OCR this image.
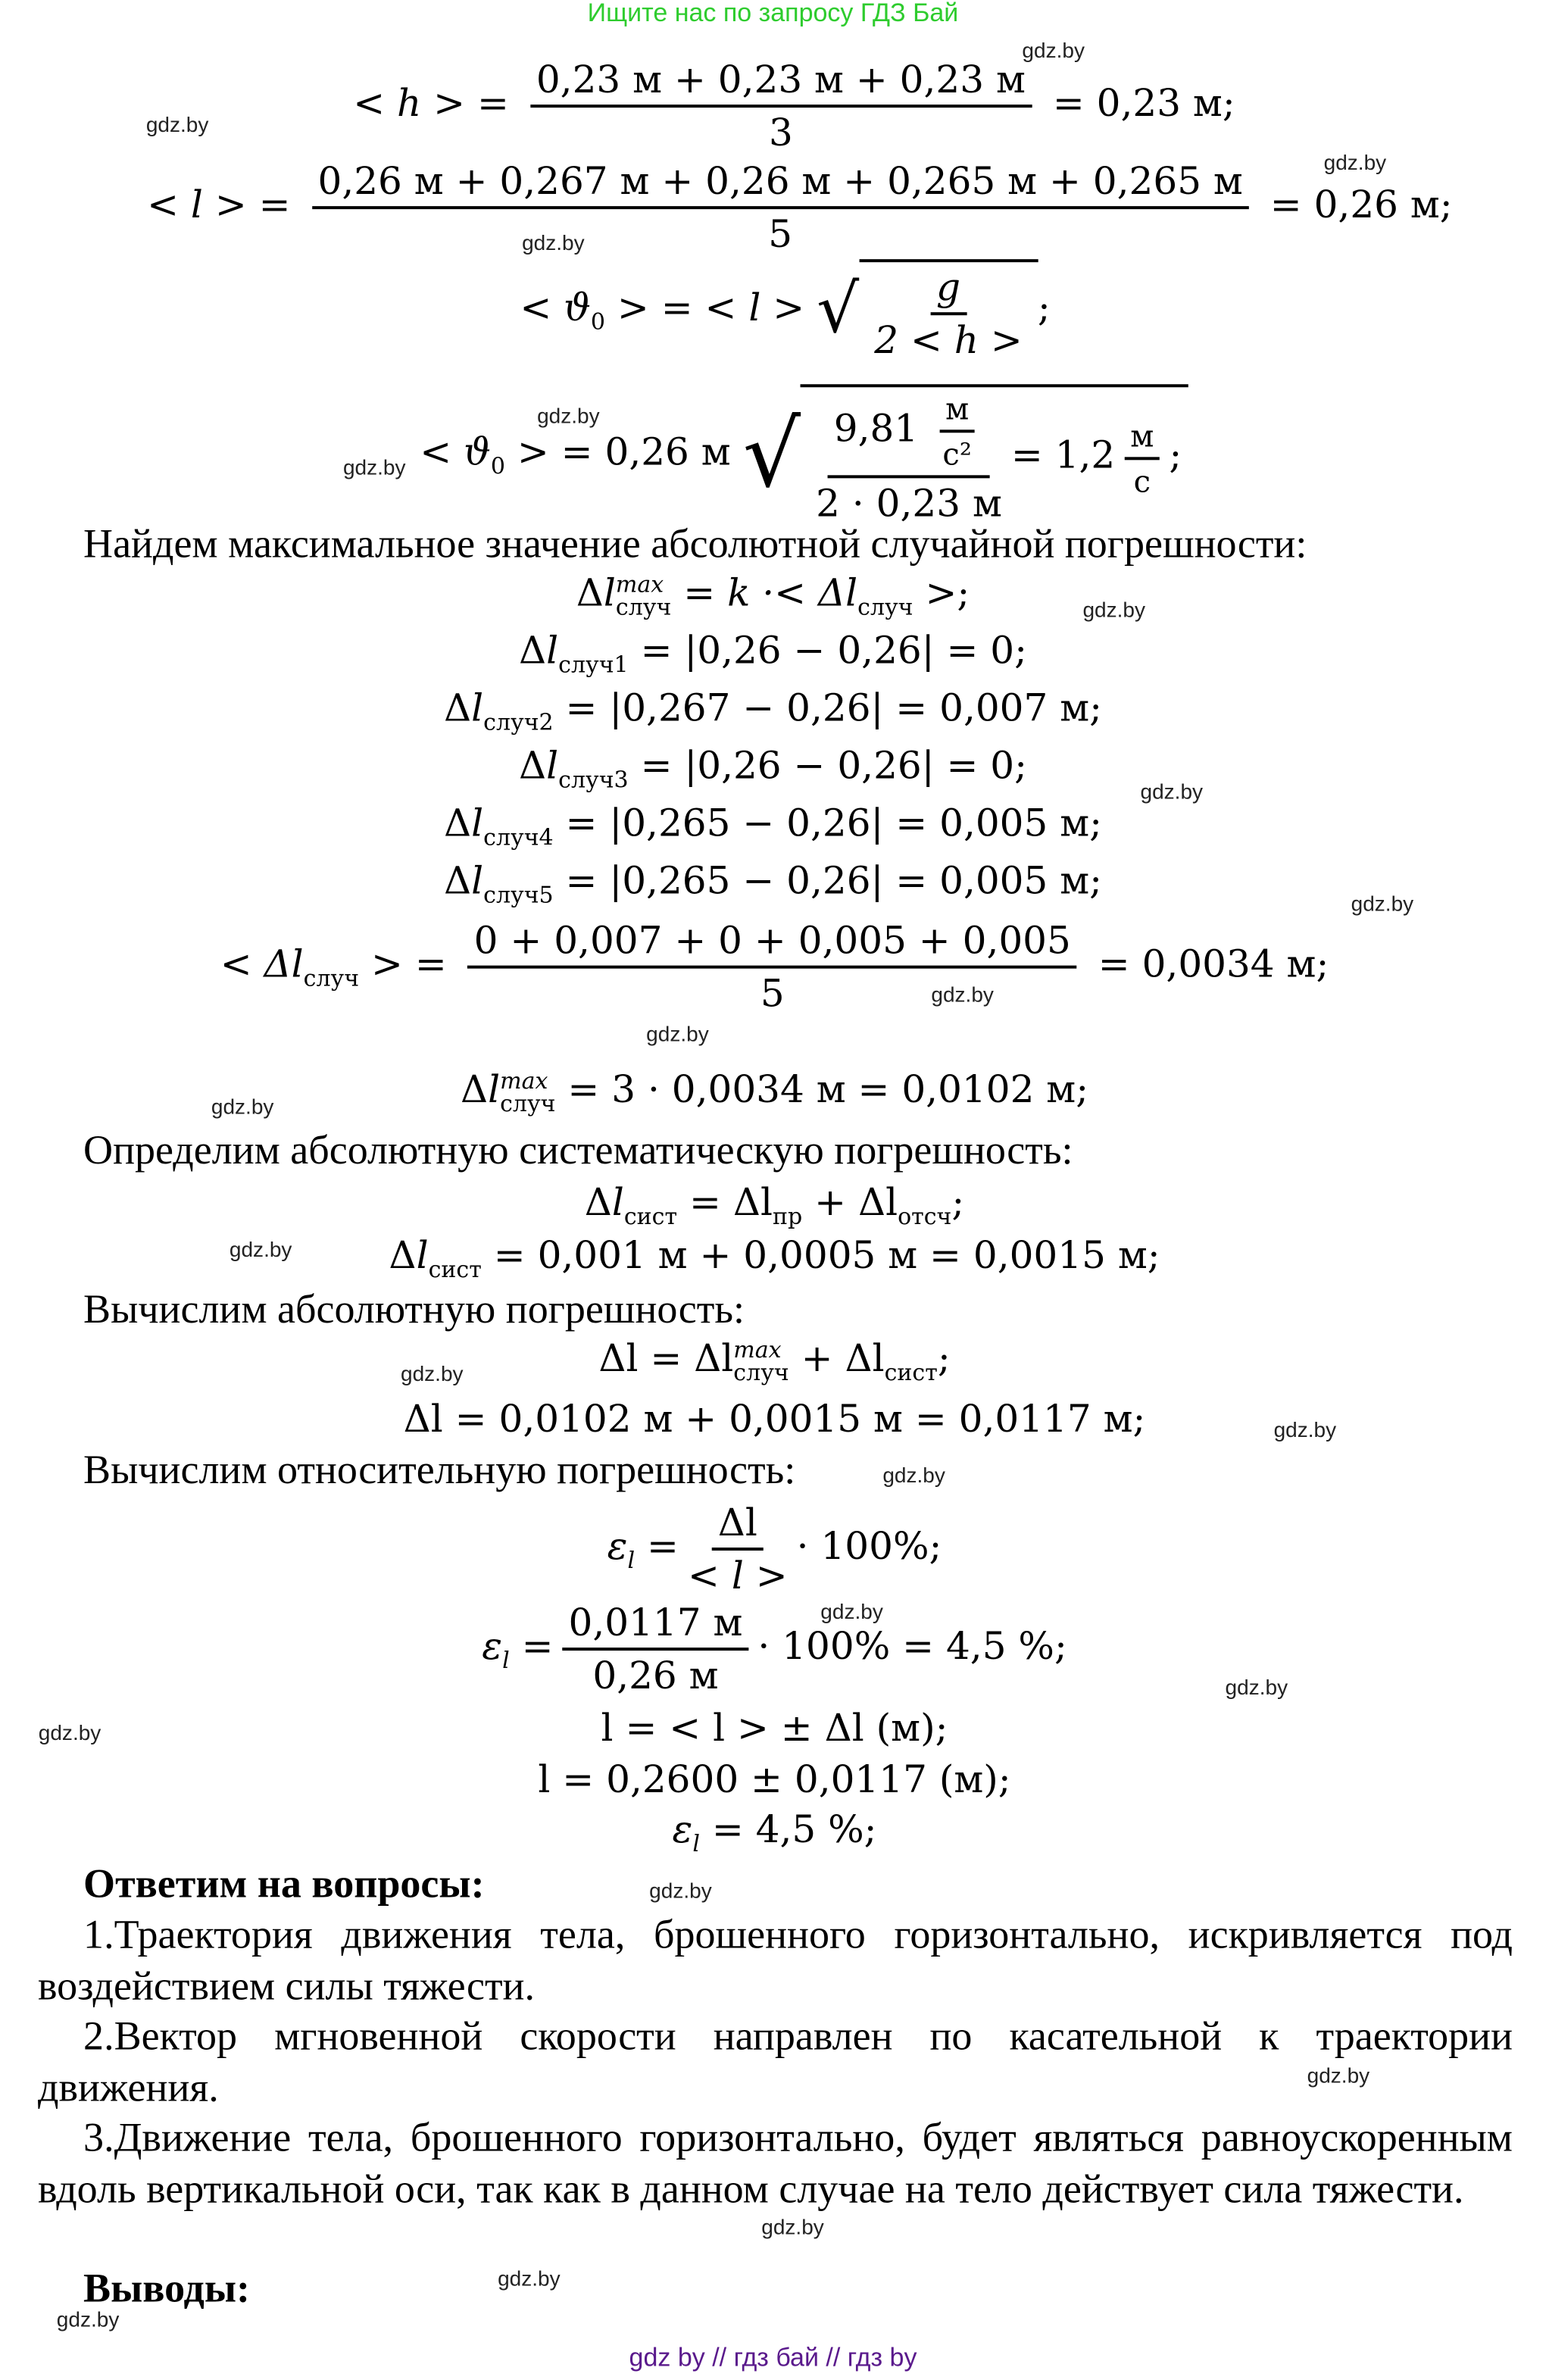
Ищите нас по запросу ГДЗ Бай
< h > = $\frac{0,23 м + 0,23 м + 0,23 м}{3} = 0,23$ м;
< l > = $\frac{0,26 м + 0,267 м + 0,26 м + 0,265 м + 0,265 м}{5} = 0,26$ м;
< $ϑ_0$ > = < l > √ $\frac{g}{2 < h >}$ ;
< $ϑ_0$ > = 0,26 м √ $\frac{9,81 \frac{м}{\text{с²}}}{2 \cdot 0,23 м} = 1,2 \frac{м}{с}$ ;
Найдем максимальное значение абсолютной случайной погрешности:
Δl max
случ = $k \cdot< \Delta l_{случ}$ >;
$\Delta l_{случ1} = |0,26 - 0,26| = 0$;
$\Delta l_{случ2} = |0,267 - 0,26| = 0,007$ м;
$\Delta l_{случ3} = |0,26 - 0,26| = 0$;
$\Delta l_{случ4} = |0,265 - 0,26| = 0,005$ м;
$\Delta l_{случ5} = |0,265 - 0,26| = 0,005$ м;
< $\Delta l_{случ}$ > = $\frac{0 + 0,007 + 0 + 0,005 + 0,005}{5} = 0,0034$ м;
Δl max
случ = 3 · 0,0034 м = 0,0102 м;
Определим абсолютную систематическую погрешность:
$\Delta l_{сист} = \Delta l_{пр} + \Delta l_{отсч}$;
$\Delta l_{сист} = 0,001$ м + 0,0005 м = 0,0015 м;
Вычислим абсолютную погрешность:
Δl = Δl max
случ + $\Delta l_{сист}$;
Δl = 0,0102 м + 0,0015 м = 0,0117 м;
Вычислим относительную погрешность:
$\varepsilon_l = \frac{\Delta l}{< l >} \cdot 100\%$;
$\varepsilon_l = \frac{0,0117 м}{0,26 м} \cdot 100\% = 4,5$ %;
l = < l > ± Δl (м);
l = 0,2600 ± 0,0117 (м);
$\varepsilon_l = 4,5$ %;
Ответим на вопросы:
1.Траектория движения тела, брошенного горизонтально, искривляется под воздействием силы тяжести.
2.Вектор мгновенной скорости направлен по касательной к траектории движения.
3.Движение тела, брошенного горизонтально, будет являться равноускоренным вдоль вертикальной оси, так как в данном случае на тело действует сила тяжести.
Выводы:
gdz by // гдз бай // гдз by
gdz.by
gdz.by
gdz.by
gdz.by
gdz.by
gdz.by
gdz.by
gdz.by
gdz.by
gdz.by
gdz.by
gdz.by
gdz.by
gdz.by
gdz.by
gdz.by
gdz.by
gdz.by
gdz.by
gdz.by
gdz.by
gdz.by
gdz.by
gdz.by
